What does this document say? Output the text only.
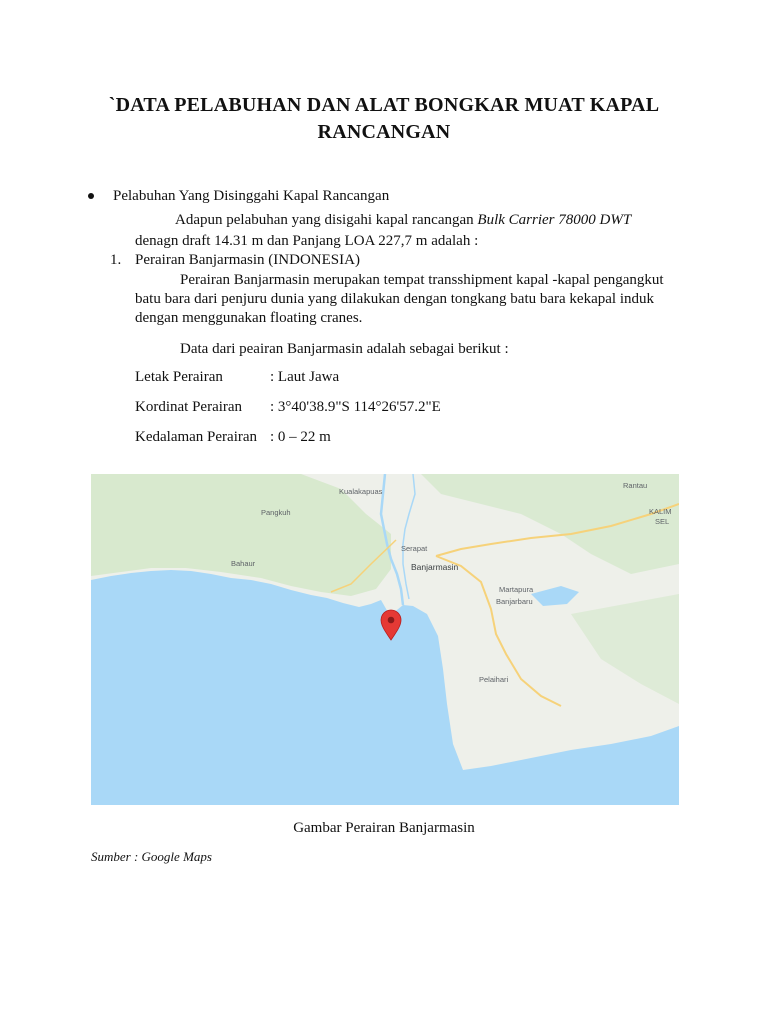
`DATA PELABUHAN DAN ALAT BONGKAR MUAT KAPAL
RANCANGAN
Pelabuhan Yang Disinggahi Kapal Rancangan
Adapun pelabuhan yang disigahi kapal rancangan Bulk Carrier 78000 DWT
denagn draft 14.31 m dan Panjang LOA 227,7 m adalah :
1. Perairan Banjarmasin (INDONESIA)
Perairan Banjarmasin merupakan tempat transshipment kapal -kapal pengangkut
batu bara dari penjuru dunia yang dilakukan dengan tongkang batu bara kekapal induk
dengan menggunakan floating cranes.
Data dari peairan Banjarmasin adalah sebagai berikut :
Letak Perairan	: Laut Jawa
Kordinat Perairan : 3°40'38.9"S 114°26'57.2"E
Kedalaman Perairan : 0 – 22 m
Rantau
Kualakapuas
Pangkuh	KALIM
SEL
Serapat
Banjarmasin
Bahaur
Martapura
Banjarbaru
Pelaihari
Gambar Perairan Banjarmasin
Sumber : Google Maps
